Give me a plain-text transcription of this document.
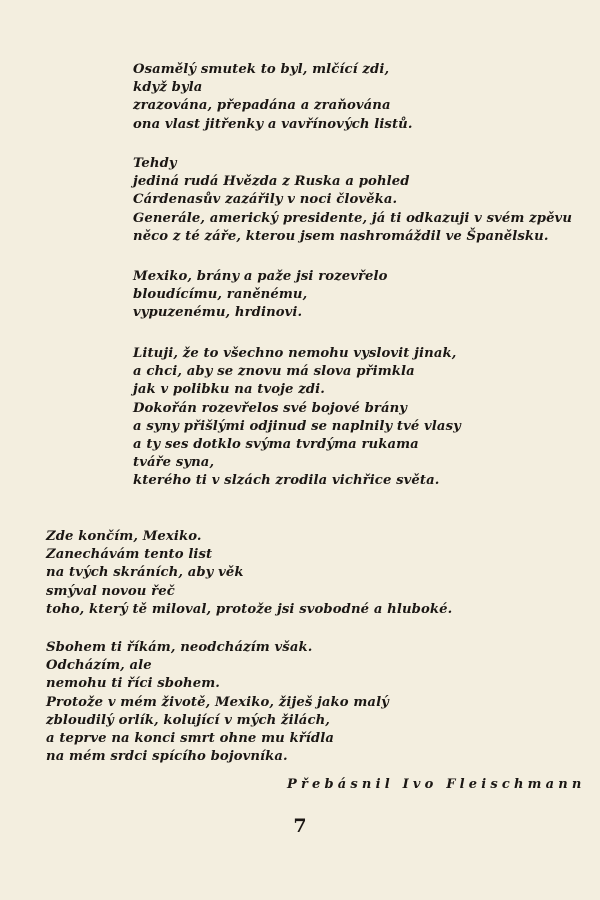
Osamělý smutek to byl, mlčící zdi,
když byla
zrazována, přepadána a zraňována
ona vlast jitřenky a vavřínových listů.
Tehdy
jediná rudá Hvězda z Ruska a pohled
Cárdenasův zazářily v noci člověka.
Generále, americký presidente, já ti odkazuji v svém zpěvu
něco z té záře, kterou jsem nashromáždil ve Španělsku.
Mexiko, brány a paže jsi rozevřelo
bloudícímu, raněnému,
vypuzenému, hrdinovi.
Lituji, že to všechno nemohu vyslovit jinak,
a chci, aby se znovu má slova přimkla
jak v polibku na tvoje zdi.
Dokořán rozevřelos své bojové brány
a syny přišlými odjinud se naplnily tvé vlasy
a ty ses dotklo svýma tvrdýma rukama
tváře syna,
kterého ti v slzách zrodila vichřice světa.
Zde končím, Mexiko.
Zanechávám tento list
na tvých skráních, aby věk
smýval novou řeč
toho, který tě miloval, protože jsi svobodné a hluboké.
Sbohem ti říkám, neodcházím však.
Odcházím, ale
nemohu ti říci sbohem.
Protože v mém životě, Mexiko, žiješ jako malý
zbloudilý orlík, kolující v mých žilách,
a teprve na konci smrt ohne mu křídla
na mém srdci spícího bojovníka.
Přebásnil Ivo Fleischmann
7
